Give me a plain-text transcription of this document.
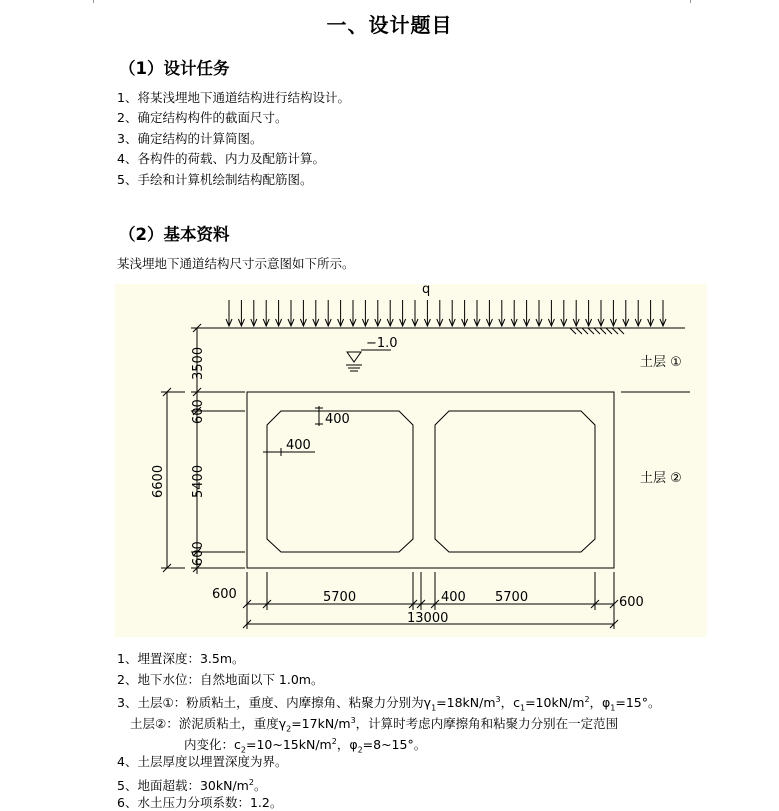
一、设计题目
（1）设计任务
1、将某浅埋地下通道结构进行结构设计。
2、确定结构构件的截面尺寸。
3、确定结构的计算简图。
4、各构件的荷载、内力及配筋计算。
5、手绘和计算机绘制结构配筋图。
（2）基本资料
某浅埋地下通道结构尺寸示意图如下所示。
q
−1.0
土层 ①
土层 ②
400
400
3500
600
5400
600
6600
600	5700	400 5700	600
13000
1、埋置深度：3.5m。
2、地下水位：自然地面以下 1.0m。
3、土层①：粉质粘土，重度、内摩擦角、粘聚力分别为$\gamma_1=18kN/m^3$，$c_1=10kN/m^2$，$\varphi_1=15^\circ$。
土层②：淤泥质粘土，重度$\gamma_2=17kN/m^3$，计算时考虑内摩擦角和粘聚力分别在一定范围
内变化：$c_2=10\sim 15kN/m^2$，$\varphi_2=8\sim 15^\circ$。
4、土层厚度以埋置深度为界。
5、地面超载：$30kN/m^2$。
6、水土压力分项系数：1.2。
